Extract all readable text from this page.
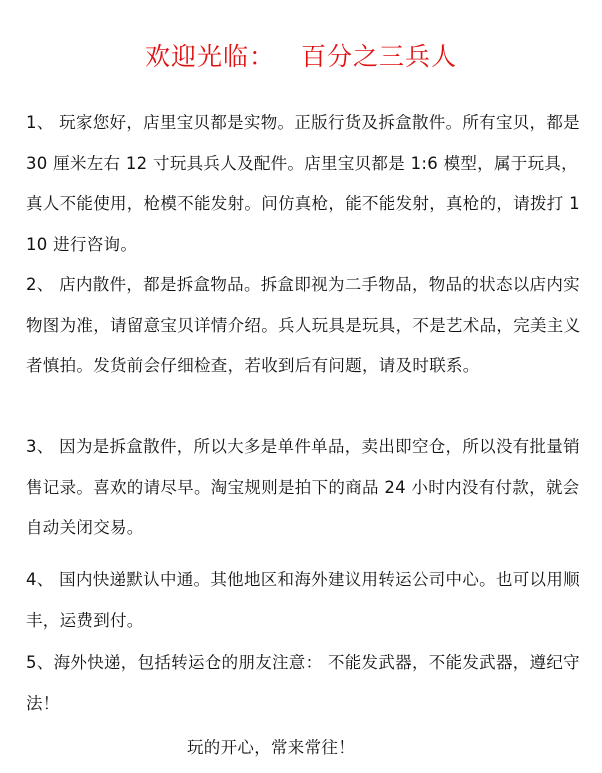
欢迎光临： 百分之三兵人
1、 玩家您好，店里宝贝都是实物。正版行货及拆盒散件。所有宝贝，都是 30 厘米左右 12 寸玩具兵人及配件。店里宝贝都是 1:6 模型，属于玩具，真人不能使用，枪模不能发射。问仿真枪，能不能发射，真枪的，请拨打 110 进行咨询。
2、 店内散件，都是拆盒物品。拆盒即视为二手物品，物品的状态以店内实物图为准，请留意宝贝详情介绍。兵人玩具是玩具，不是艺术品，完美主义者慎拍。发货前会仔细检查，若收到后有问题，请及时联系。
3、 因为是拆盒散件，所以大多是单件单品，卖出即空仓，所以没有批量销售记录。喜欢的请尽早。淘宝规则是拍下的商品 24 小时内没有付款，就会自动关闭交易。
4、 国内快递默认中通。其他地区和海外建议用转运公司中心。也可以用顺丰，运费到付。
5、海外快递，包括转运仓的朋友注意： 不能发武器，不能发武器，遵纪守法！
玩的开心，常来常往！
